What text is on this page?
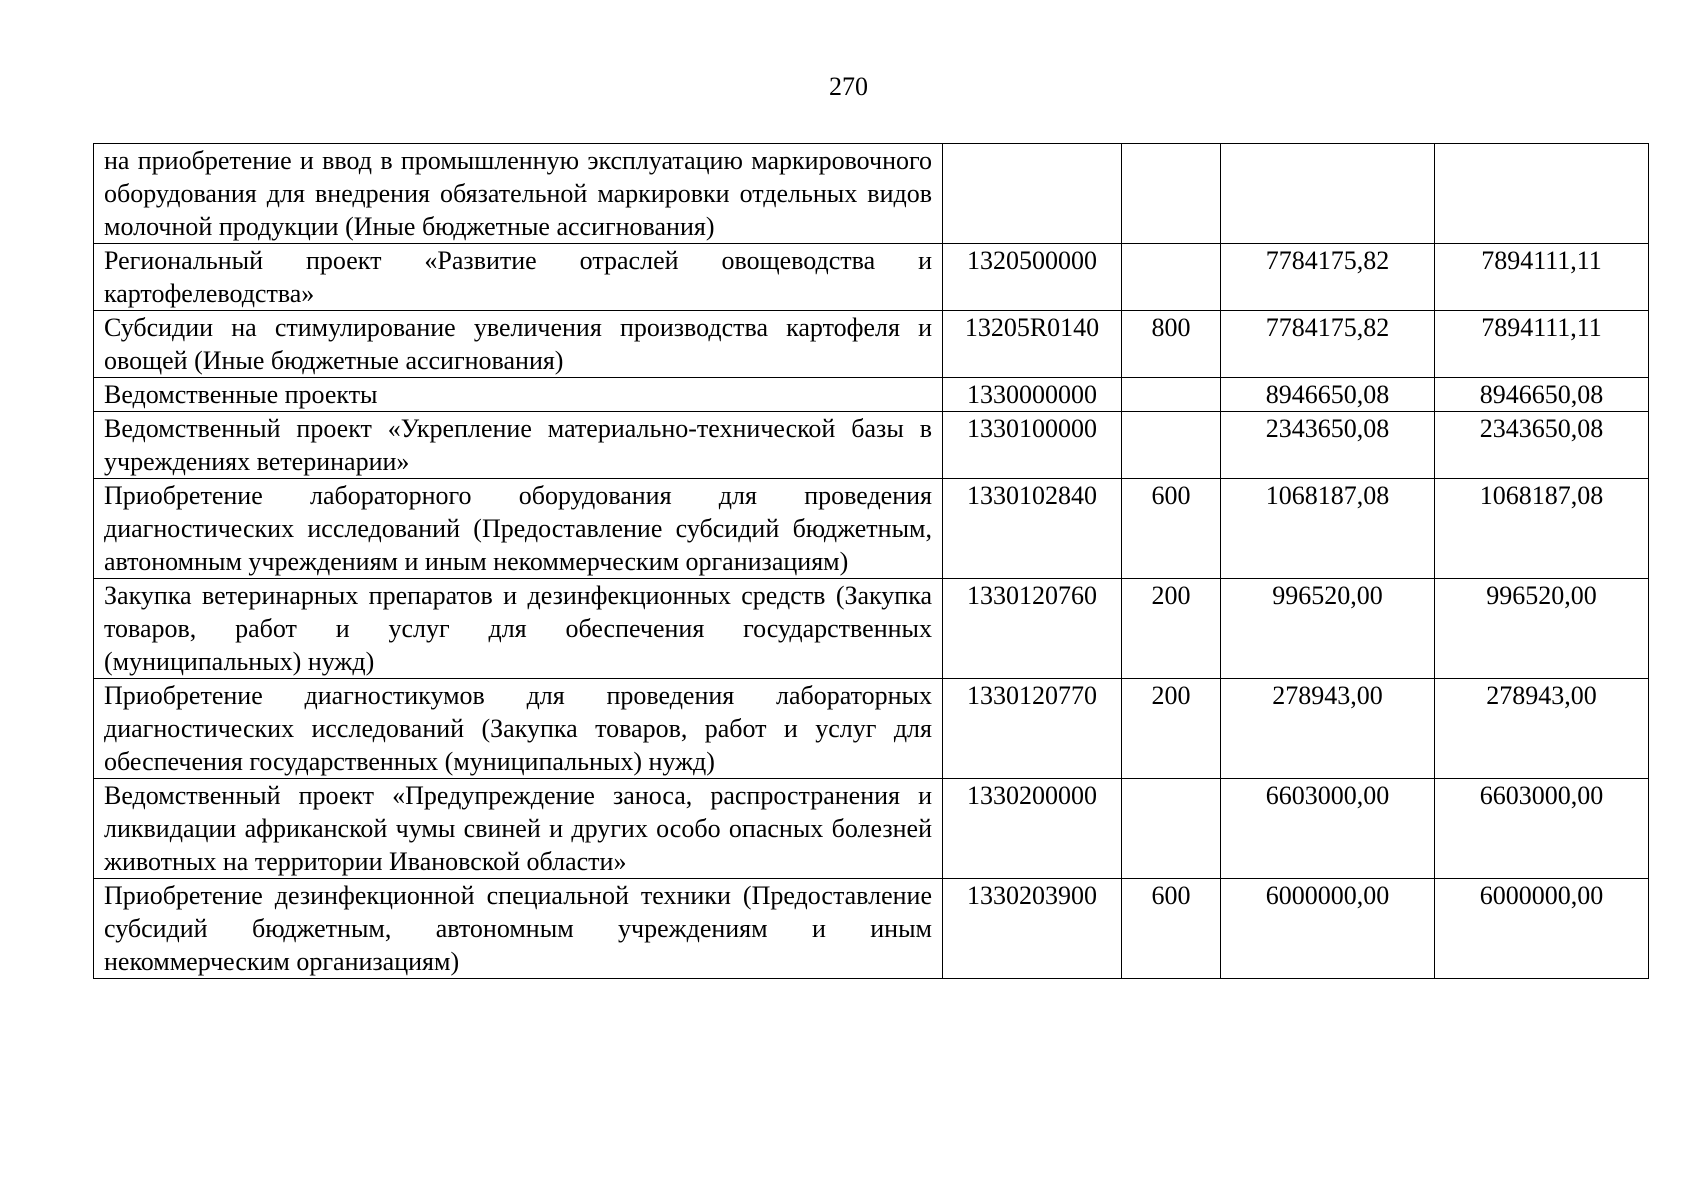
270
на приобретение и ввод в промышленную эксплуатацию маркировочного оборудования для внедрения обязательной маркировки отдельных видов молочной продукции (Иные бюджетные ассигнования)				
Региональный проект «Развитие отраслей овощеводства и картофелеводства»	1320500000		7784175,82	7894111,11
Субсидии на стимулирование увеличения производства картофеля и овощей (Иные бюджетные ассигнования)	13205R0140	800	7784175,82	7894111,11
Ведомственные проекты	1330000000		8946650,08	8946650,08
Ведомственный проект «Укрепление материально-технической базы в учреждениях ветеринарии»	1330100000		2343650,08	2343650,08
Приобретение лабораторного оборудования для проведения диагностических исследований (Предоставление субсидий бюджетным, автономным учреждениям и иным некоммерческим организациям)	1330102840	600	1068187,08	1068187,08
Закупка ветеринарных препаратов и дезинфекционных средств (Закупка товаров, работ и услуг для обеспечения государственных (муниципальных) нужд)	1330120760	200	996520,00	996520,00
Приобретение диагностикумов для проведения лабораторных диагностических исследований (Закупка товаров, работ и услуг для обеспечения государственных (муниципальных) нужд)	1330120770	200	278943,00	278943,00
Ведомственный проект «Предупреждение заноса, распространения и ликвидации африканской чумы свиней и других особо опасных болезней животных на территории Ивановской области»	1330200000		6603000,00	6603000,00
Приобретение дезинфекционной специальной техники (Предоставление субсидий бюджетным, автономным учреждениям и иным некоммерческим организациям)	1330203900	600	6000000,00	6000000,00
